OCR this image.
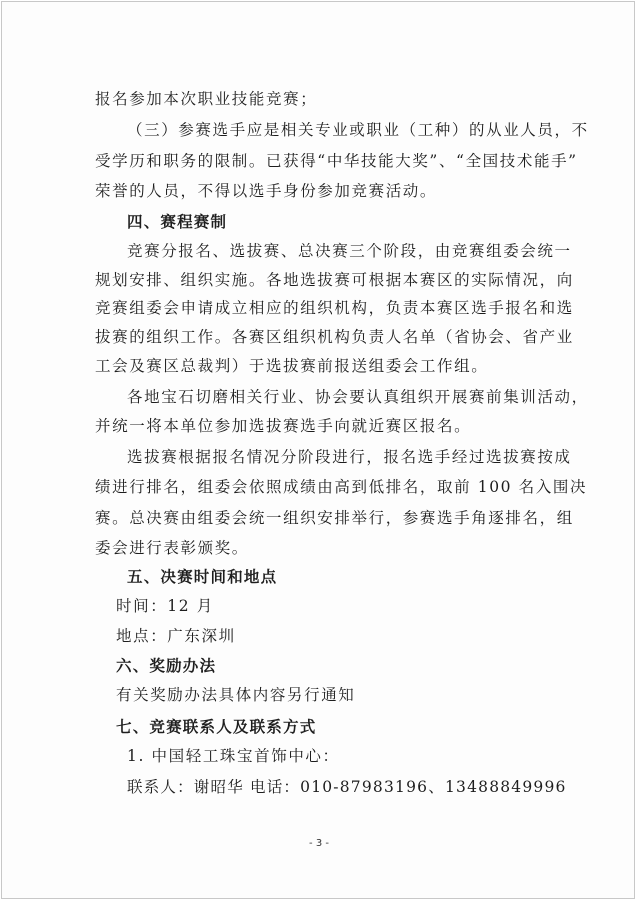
报名参加本次职业技能竞赛；
（三）参赛选手应是相关专业或职业（工种）的从业人员，不
受学历和职务的限制。已获得“中华技能大奖”、“全国技术能手”
荣誉的人员，不得以选手身份参加竞赛活动。
四、赛程赛制
竞赛分报名、选拔赛、总决赛三个阶段，由竞赛组委会统一
规划安排、组织实施。各地选拔赛可根据本赛区的实际情况，向
竞赛组委会申请成立相应的组织机构，负责本赛区选手报名和选
拔赛的组织工作。各赛区组织机构负责人名单（省协会、省产业
工会及赛区总裁判）于选拔赛前报送组委会工作组。
各地宝石切磨相关行业、协会要认真组织开展赛前集训活动，
并统一将本单位参加选拔赛选手向就近赛区报名。
选拔赛根据报名情况分阶段进行，报名选手经过选拔赛按成
绩进行排名，组委会依照成绩由高到低排名，取前 100 名入围决
赛。总决赛由组委会统一组织安排举行，参赛选手角逐排名，组
委会进行表彰颁奖。
五、决赛时间和地点
时间：12 月
地点：广东深圳
六、奖励办法
有关奖励办法具体内容另行通知
七、竞赛联系人及联系方式
1. 中国轻工珠宝首饰中心：
联系人：谢昭华 电话：010-87983196、13488849996
- 3 -
